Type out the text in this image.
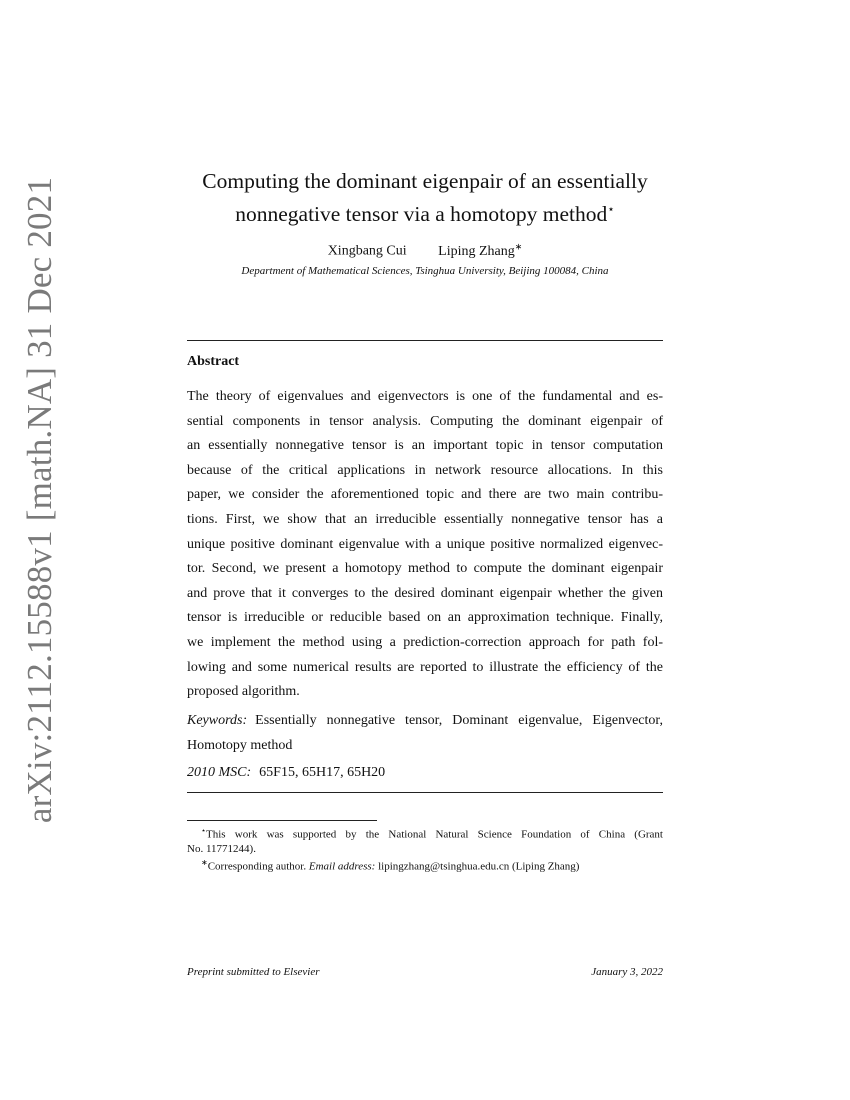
arXiv:2112.15588v1 [math.NA] 31 Dec 2021	Computing the dominant eigenpair of an essentially
nonnegative tensor via a homotopy method⋆
Xingbang Cui Liping Zhang∗
Department of Mathematical Sciences, Tsinghua University, Beijing 100084, China
Abstract
The theory of eigenvalues and eigenvectors is one of the fundamental and es-
sential components in tensor analysis. Computing the dominant eigenpair of
an essentially nonnegative tensor is an important topic in tensor computation
because of the critical applications in network resource allocations. In this
paper, we consider the aforementioned topic and there are two main contribu-
tions. First, we show that an irreducible essentially nonnegative tensor has a
unique positive dominant eigenvalue with a unique positive normalized eigenvec-
tor. Second, we present a homotopy method to compute the dominant eigenpair
and prove that it converges to the desired dominant eigenpair whether the given
tensor is irreducible or reducible based on an approximation technique. Finally,
we implement the method using a prediction-correction approach for path fol-
lowing and some numerical results are reported to illustrate the efficiency of the
proposed algorithm.
Keywords: Essentially nonnegative tensor, Dominant eigenvalue, Eigenvector,
Homotopy method
2010 MSC: 65F15, 65H17, 65H20
⋆This work was supported by the National Natural Science Foundation of China (Grant
No. 11771244).
∗Corresponding author. Email address: lipingzhang@tsinghua.edu.cn (Liping Zhang)
Preprint submitted to Elsevier	January 3, 2022
